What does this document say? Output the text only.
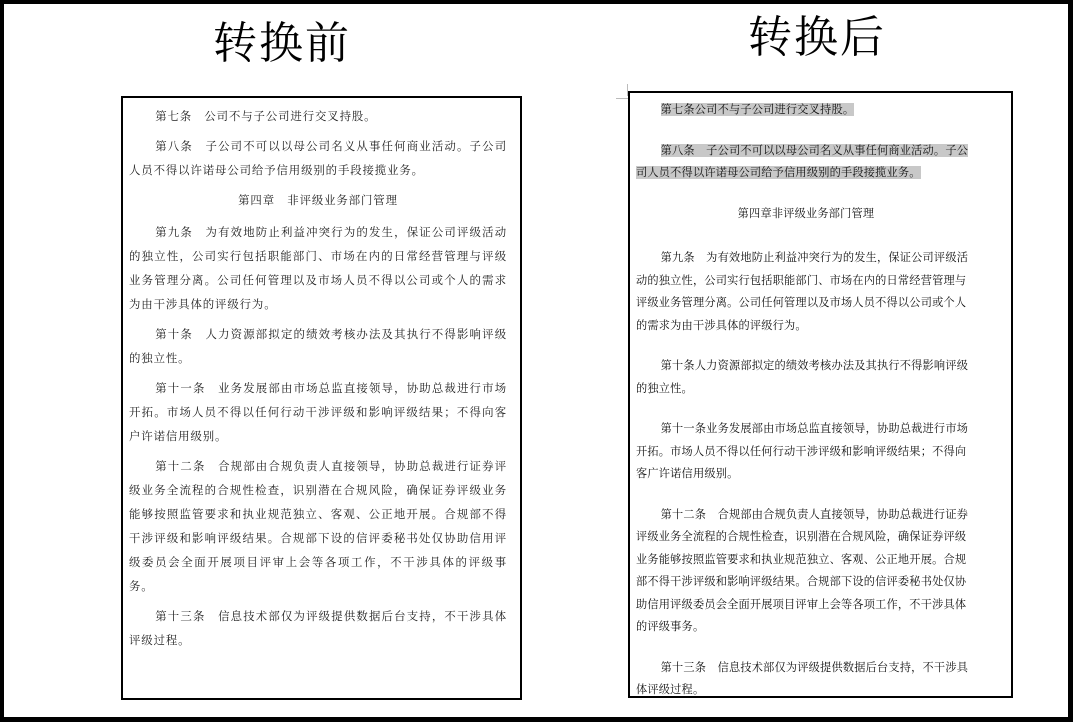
转换前	转换后

第七条　公司不与子公司进行交叉持股。

第八条　子公司不可以以母公司名义从事任何商业活动。子公司人员不得以许诺母公司给予信用级别的手段接揽业务。

第四章　非评级业务部门管理

第九条　为有效地防止利益冲突行为的发生，保证公司评级活动的独立性，公司实行包括职能部门、市场在内的日常经营管理与评级业务管理分离。公司任何管理以及市场人员不得以公司或个人的需求为由干涉具体的评级行为。

第十条　人力资源部拟定的绩效考核办法及其执行不得影响评级的独立性。

第十一条　业务发展部由市场总监直接领导，协助总裁进行市场开拓。市场人员不得以任何行动干涉评级和影响评级结果；不得向客户许诺信用级别。

第十二条　合规部由合规负责人直接领导，协助总裁进行证券评级业务全流程的合规性检查，识别潜在合规风险，确保证券评级业务能够按照监管要求和执业规范独立、客观、公正地开展。合规部不得干涉评级和影响评级结果。合规部下设的信评委秘书处仅协助信用评级委员会全面开展项目评审上会等各项工作，不干涉具体的评级事务。

第十三条　信息技术部仅为评级提供数据后台支持，不干涉具体评级过程。

第七条公司不与子公司进行交叉持股。

第八条　子公司不可以以母公司名义从事任何商业活动。子公司人员不得以许诺母公司给予信用级别的手段接揽业务。

第四章非评级业务部门管理

第九条　为有效地防止利益冲突行为的发生，保证公司评级活动的独立性，公司实行包括职能部门、市场在内的日常经营管理与评级业务管理分离。公司任何管理以及市场人员不得以公司或个人的需求为由干涉具体的评级行为。

第十条人力资源部拟定的绩效考核办法及其执行不得影响评级的独立性。

第十一条业务发展部由市场总监直接领导，协助总裁进行市场开拓。市场人员不得以任何行动干涉评级和影响评级结果；不得向客广许诺信用级别。

第十二条　合规部由合规负责人直接领导，协助总裁进行证券评级业务全流程的合规性检查，识别潜在合规风险，确保证券评级业务能够按照监管要求和执业规范独立、客观、公正地开展。合规部不得干涉评级和影响评级结果。合规部下设的信评委秘书处仅协助信用评级委员会全面开展项目评审上会等各项工作，不干涉具体的评级事务。

第十三条　信息技术部仅为评级提供数据后台支持，不干涉具体评级过程。
